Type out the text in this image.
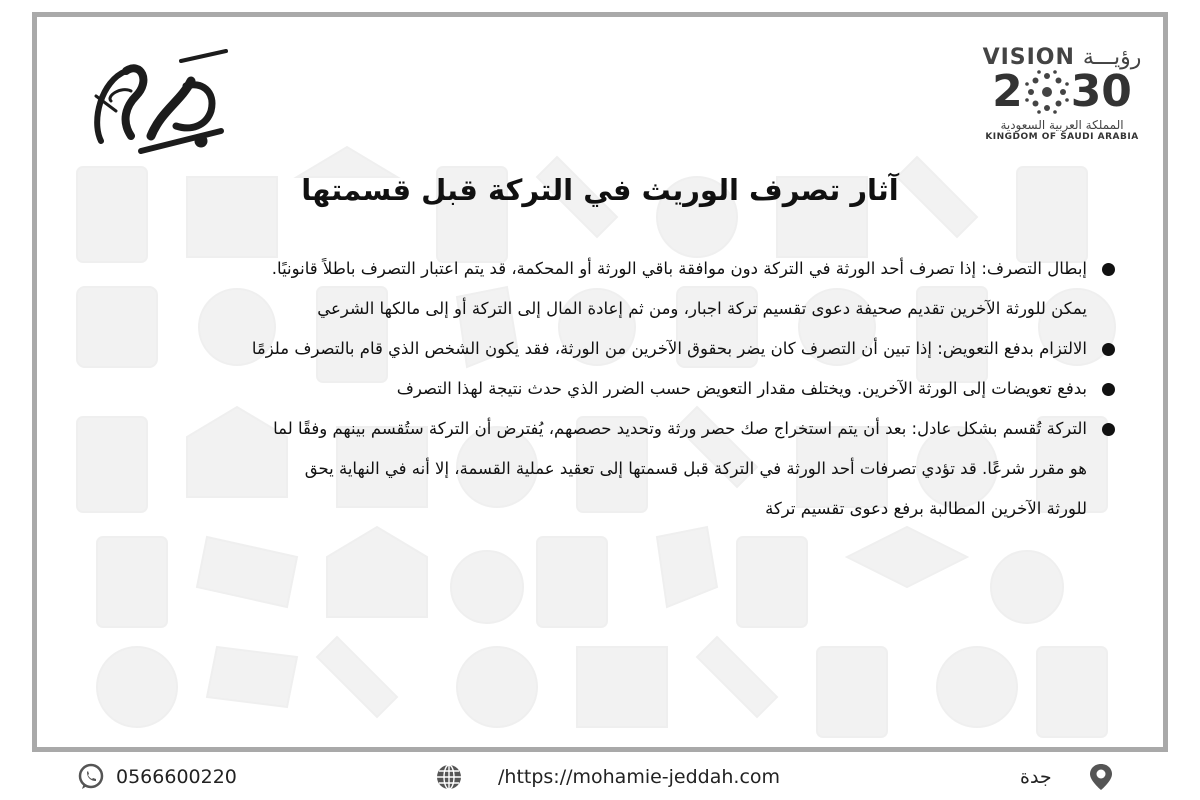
VISION رؤيـــة
2 30
المملكة العربية السعودية
KINGDOM OF SAUDI ARABIA
آثار تصرف الوريث في التركة قبل قسمتها
إبطال التصرف: إذا تصرف أحد الورثة في التركة دون موافقة باقي الورثة أو المحكمة، قد يتم اعتبار التصرف باطلاً قانونيًا.
يمكن للورثة الآخرين تقديم صحيفة دعوى تقسيم تركة اجبار، ومن ثم إعادة المال إلى التركة أو إلى مالكها الشرعي
الالتزام بدفع التعويض: إذا تبين أن التصرف كان يضر بحقوق الآخرين من الورثة، فقد يكون الشخص الذي قام بالتصرف ملزمًا
بدفع تعويضات إلى الورثة الآخرين. ويختلف مقدار التعويض حسب الضرر الذي حدث نتيجة لهذا التصرف
التركة تُقسم بشكل عادل: بعد أن يتم استخراج صك حصر ورثة وتحديد حصصهم، يُفترض أن التركة ستُقسم بينهم وفقًا لما
هو مقرر شرعًا. قد تؤدي تصرفات أحد الورثة في التركة قبل قسمتها إلى تعقيد عملية القسمة، إلا أنه في النهاية يحق
للورثة الآخرين المطالبة برفع دعوى تقسيم تركة
0566600220	/https://mohamie-jeddah.com	جدة
